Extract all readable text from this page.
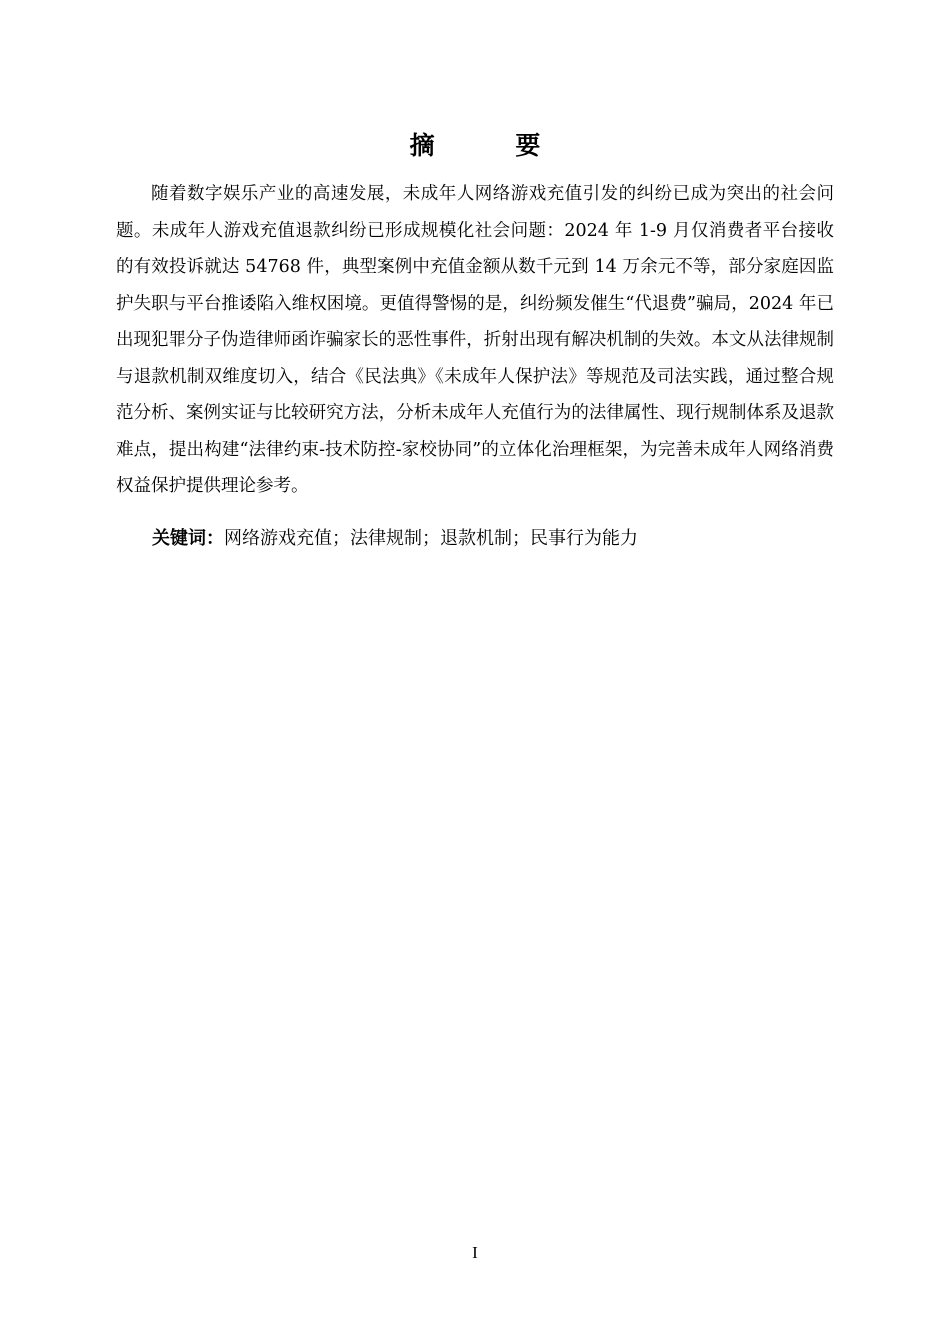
摘 要

随着数字娱乐产业的高速发展，未成年人网络游戏充值引发的纠纷已成为突出的社会问题。未成年人游戏充值退款纠纷已形成规模化社会问题：2024 年 1-9 月仅消费者平台接收的有效投诉就达 54768 件，典型案例中充值金额从数千元到 14 万余元不等，部分家庭因监护失职与平台推诿陷入维权困境。更值得警惕的是，纠纷频发催生“代退费”骗局，2024 年已出现犯罪分子伪造律师函诈骗家长的恶性事件，折射出现有解决机制的失效。本文从法律规制与退款机制双维度切入，结合《民法典》《未成年人保护法》等规范及司法实践，通过整合规范分析、案例实证与比较研究方法，分析未成年人充值行为的法律属性、现行规制体系及退款难点，提出构建“法律约束-技术防控-家校协同”的立体化治理框架，为完善未成年人网络消费权益保护提供理论参考。

关键词：网络游戏充值；法律规制；退款机制；民事行为能力
I
